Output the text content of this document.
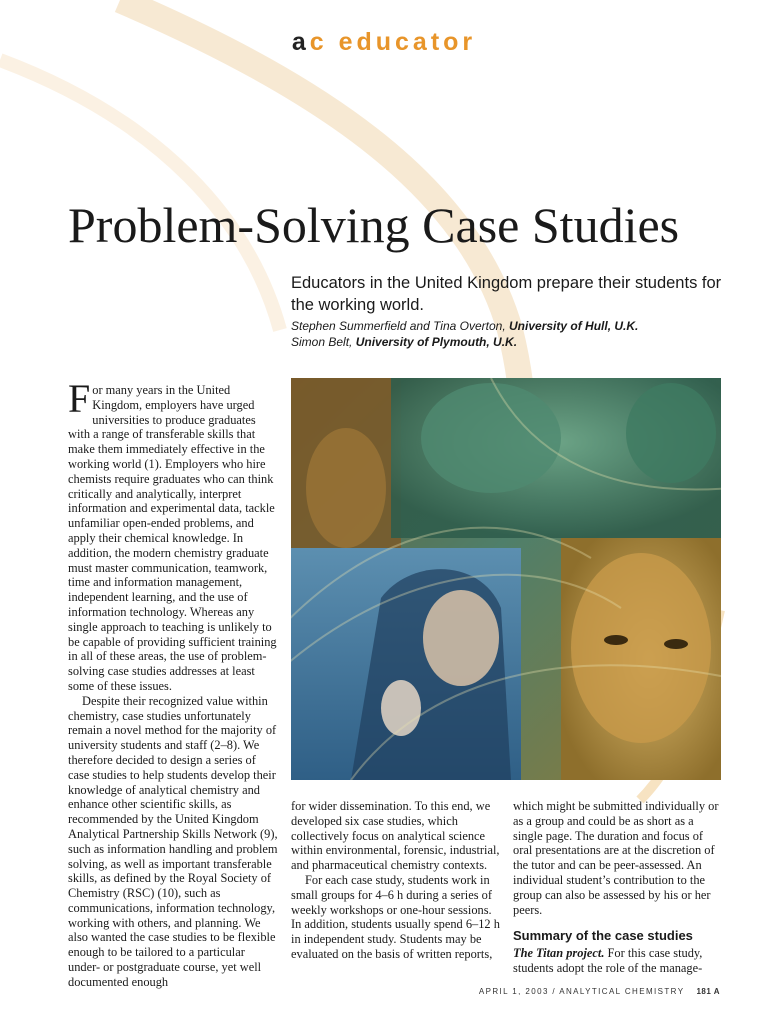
ac educator
Problem-Solving Case Studies
Educators in the United Kingdom prepare their students for the working world.
Stephen Summerfield and Tina Overton, University of Hull, U.K.
Simon Belt, University of Plymouth, U.K.

For many years in the United Kingdom, employers have urged universities to produce graduates with a range of transferable skills that make them immediately effective in the working world (1). Employers who hire chemists require graduates who can think critically and analytically, interpret information and experimental data, tackle unfamiliar open-ended problems, and apply their chemical knowledge. In addition, the modern chemistry graduate must master communication, teamwork, time and information management, independent learning, and the use of information technology. Whereas any single approach to teaching is unlikely to be capable of providing sufficient training in all of these areas, the use of problem-solving case studies addresses at least some of these issues.

Despite their recognized value within chemistry, case studies unfortunately remain a novel method for the majority of university students and staff (2–8). We therefore decided to design a series of case studies to help students develop their knowledge of analytical chemistry and enhance other scientific skills, as recommended by the United Kingdom Analytical Partnership Skills Network (9), such as information handling and problem solving, as well as important transferable skills, as defined by the Royal Society of Chemistry (RSC) (10), such as communications, information technology, working with others, and planning. We also wanted the case studies to be flexible enough to be tailored to a particular under- or postgraduate course, yet well documented enough

for wider dissemination. To this end, we developed six case studies, which collectively focus on analytical science within environmental, forensic, industrial, and pharmaceutical chemistry contexts.

For each case study, students work in small groups for 4–6 h during a series of weekly workshops or one-hour sessions. In addition, students usually spend 6–12 h in independent study. Students may be evaluated on the basis of written reports,

which might be submitted individually or as a group and could be as short as a single page. The duration and focus of oral presentations are at the discretion of the tutor and can be peer-assessed. An individual student’s contribution to the group can also be assessed by his or her peers.

Summary of the case studies

The Titan project. For this case study, students adopt the role of the manage-

APRIL 1, 2003 / ANALYTICAL CHEMISTRY 181 A
